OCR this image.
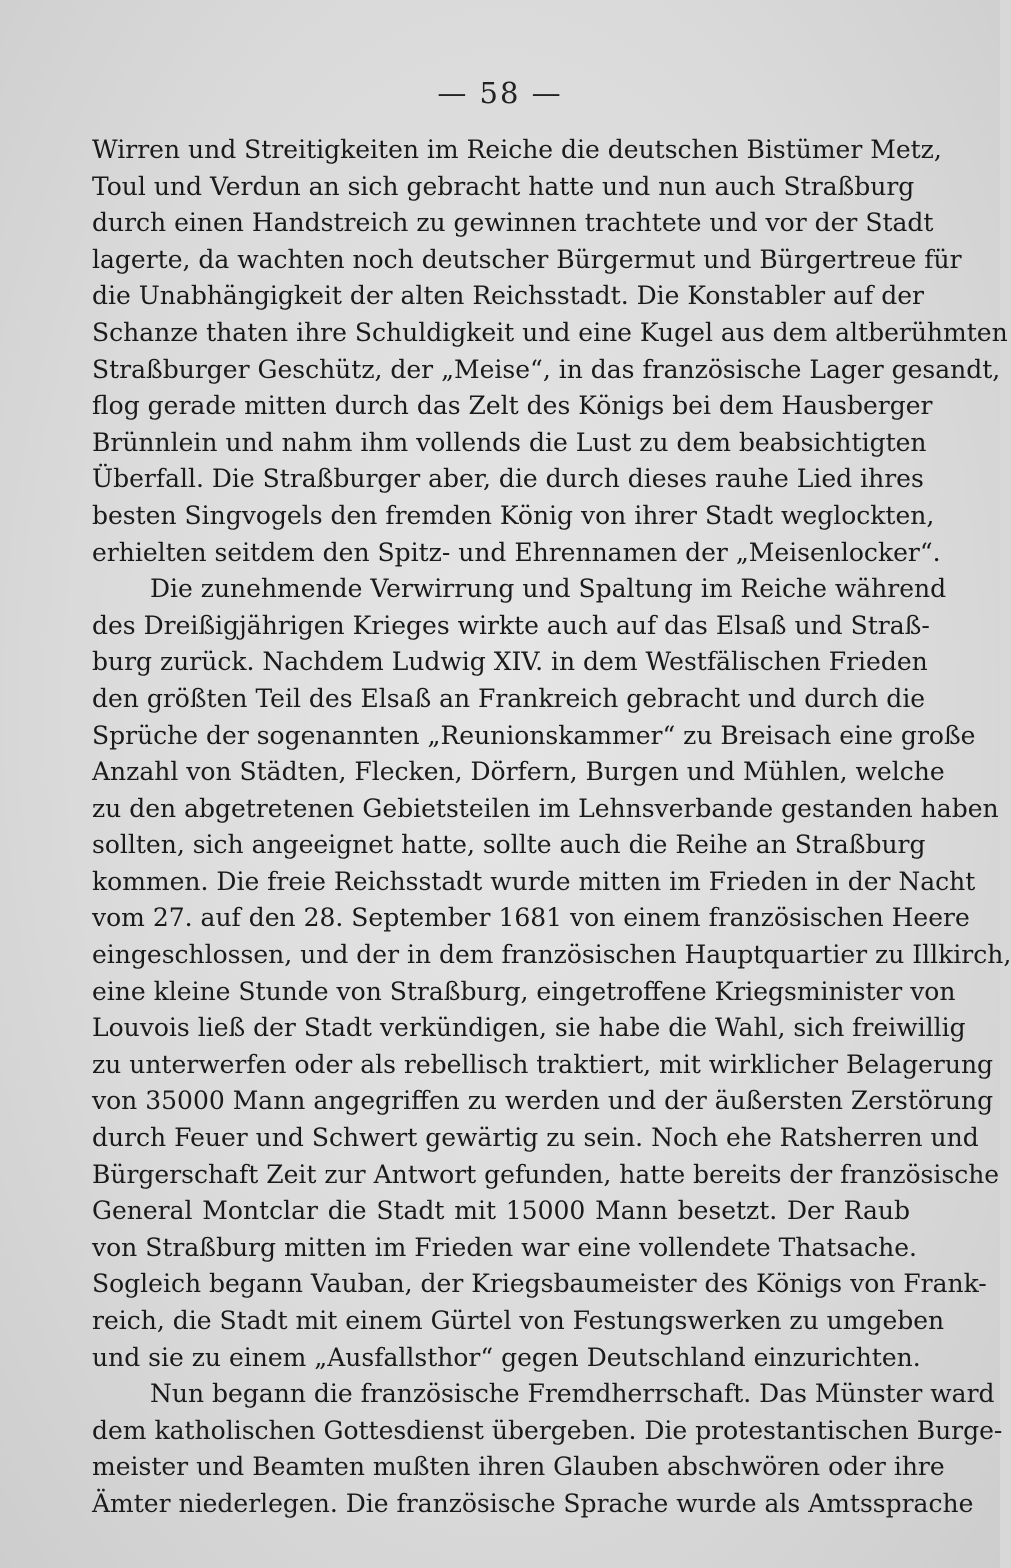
— 58 —
Wirren und Streitigkeiten im Reiche die deutschen Bistümer Metz,
Toul und Verdun an sich gebracht hatte und nun auch Straßburg
durch einen Handstreich zu gewinnen trachtete und vor der Stadt
lagerte, da wachten noch deutscher Bürgermut und Bürgertreue für
die Unabhängigkeit der alten Reichsstadt. Die Konstabler auf der
Schanze thaten ihre Schuldigkeit und eine Kugel aus dem altberühmten
Straßburger Geschütz, der „Meise“, in das französische Lager gesandt,
flog gerade mitten durch das Zelt des Königs bei dem Hausberger
Brünnlein und nahm ihm vollends die Lust zu dem beabsichtigten
Überfall. Die Straßburger aber, die durch dieses rauhe Lied ihres
besten Singvogels den fremden König von ihrer Stadt weglockten,
erhielten seitdem den Spitz- und Ehrennamen der „Meisenlocker“.
Die zunehmende Verwirrung und Spaltung im Reiche während
des Dreißigjährigen Krieges wirkte auch auf das Elsaß und Straß-
burg zurück. Nachdem Ludwig XIV. in dem Westfälischen Frieden
den größten Teil des Elsaß an Frankreich gebracht und durch die
Sprüche der sogenannten „Reunionskammer“ zu Breisach eine große
Anzahl von Städten, Flecken, Dörfern, Burgen und Mühlen, welche
zu den abgetretenen Gebietsteilen im Lehnsverbande gestanden haben
sollten, sich angeeignet hatte, sollte auch die Reihe an Straßburg
kommen. Die freie Reichsstadt wurde mitten im Frieden in der Nacht
vom 27. auf den 28. September 1681 von einem französischen Heere
eingeschlossen, und der in dem französischen Hauptquartier zu Illkirch,
eine kleine Stunde von Straßburg, eingetroffene Kriegsminister von
Louvois ließ der Stadt verkündigen, sie habe die Wahl, sich freiwillig
zu unterwerfen oder als rebellisch traktiert, mit wirklicher Belagerung
von 35000 Mann angegriffen zu werden und der äußersten Zerstörung
durch Feuer und Schwert gewärtig zu sein. Noch ehe Ratsherren und
Bürgerschaft Zeit zur Antwort gefunden, hatte bereits der französische
General Montclar die Stadt mit 15000 Mann besetzt. Der Raub
von Straßburg mitten im Frieden war eine vollendete Thatsache.
Sogleich begann Vauban, der Kriegsbaumeister des Königs von Frank-
reich, die Stadt mit einem Gürtel von Festungswerken zu umgeben
und sie zu einem „Ausfallsthor“ gegen Deutschland einzurichten.
Nun begann die französische Fremdherrschaft. Das Münster ward
dem katholischen Gottesdienst übergeben. Die protestantischen Burge-
meister und Beamten mußten ihren Glauben abschwören oder ihre
Ämter niederlegen. Die französische Sprache wurde als Amtssprache
